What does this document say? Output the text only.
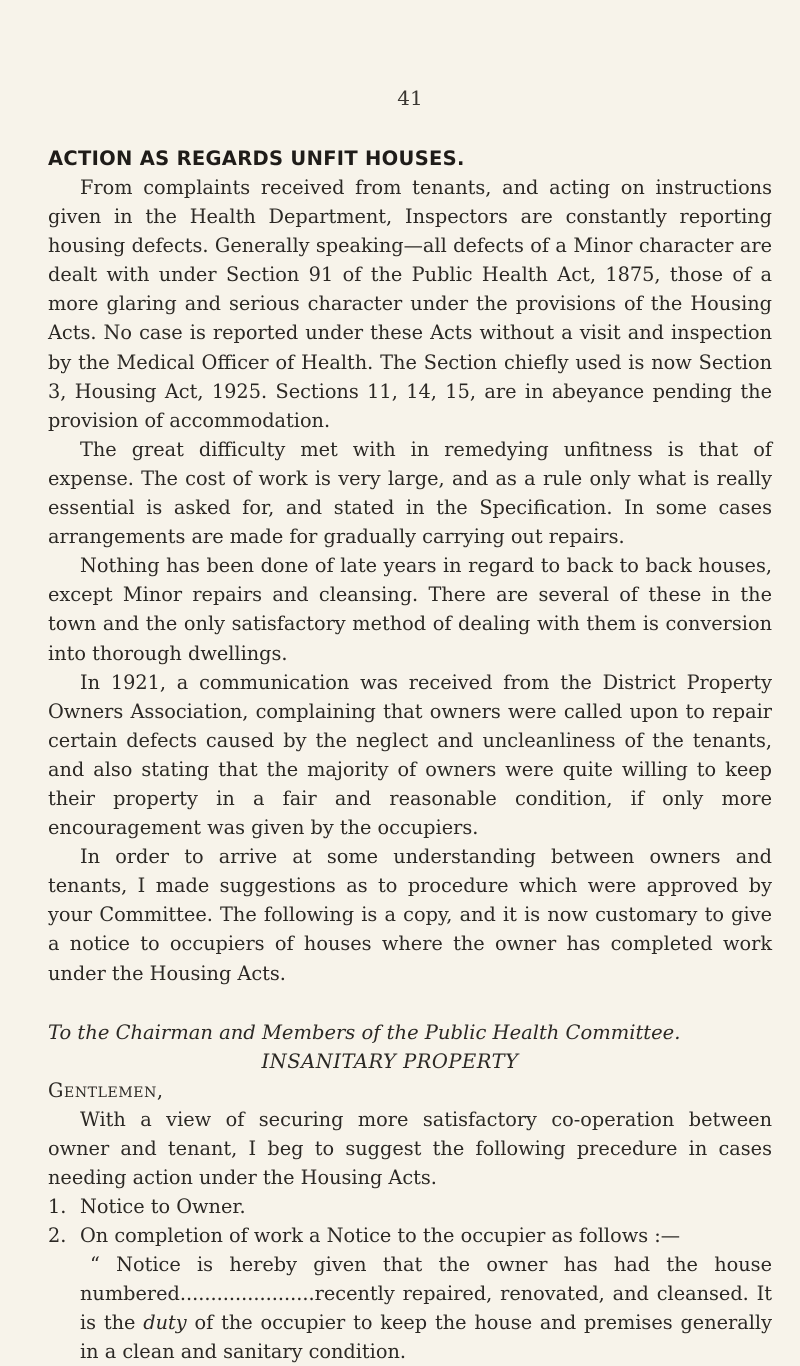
41
ACTION AS REGARDS UNFIT HOUSES.

From complaints received from tenants, and acting on instructions given in the Health Department, Inspectors are constantly reporting housing defects. Generally speaking—all defects of a Minor character are dealt with under Section 91 of the Public Health Act, 1875, those of a more glaring and serious character under the provisions of the Housing Acts. No case is reported under these Acts without a visit and inspection by the Medical Officer of Health. The Section chiefly used is now Section 3, Housing Act, 1925. Sections 11, 14, 15, are in abeyance pending the provision of accommodation.

The great difficulty met with in remedying unfitness is that of expense. The cost of work is very large, and as a rule only what is really essential is asked for, and stated in the Specification. In some cases arrangements are made for gradually carrying out repairs.

Nothing has been done of late years in regard to back to back houses, except Minor repairs and cleansing. There are several of these in the town and the only satisfactory method of dealing with them is conversion into thorough dwellings.

In 1921, a communication was received from the District Property Owners Association, complaining that owners were called upon to repair certain defects caused by the neglect and uncleanliness of the tenants, and also stating that the majority of owners were quite willing to keep their property in a fair and reasonable condition, if only more encouragement was given by the occupiers.

In order to arrive at some understanding between owners and tenants, I made suggestions as to procedure which were approved by your Committee. The following is a copy, and it is now customary to give a notice to occupiers of houses where the owner has completed work under the Housing Acts.

To the Chairman and Members of the Public Health Committee.
INSANITARY PROPERTY
Gentlemen,

With a view of securing more satisfactory co-operation between owner and tenant, I beg to suggest the following precedure in cases needing action under the Housing Acts.

1. Notice to Owner.
2. On completion of work a Notice to the occupier as follows :—
“ Notice is hereby given that the owner has had the house numbered......................recently repaired, renovated, and cleansed. It is the duty of the occupier to keep the house and premises generally in a clean and sanitary condition.
